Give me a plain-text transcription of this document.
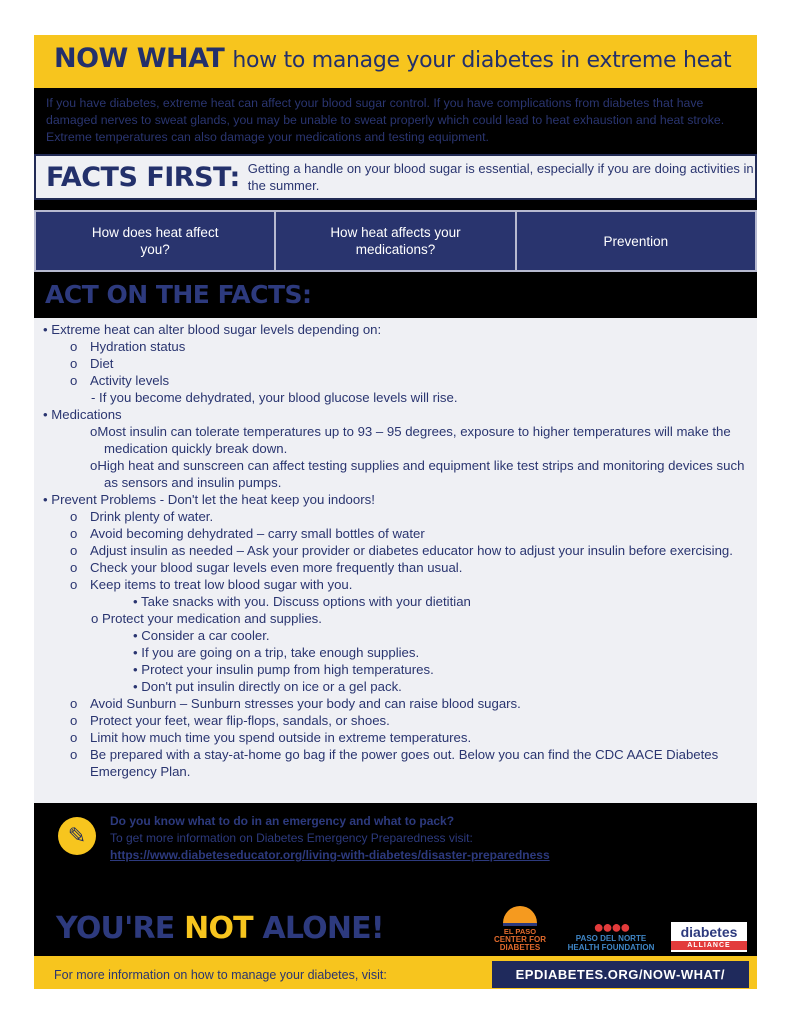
NOW WHAT how to manage your diabetes in extreme heat
If you have diabetes, extreme heat can affect your blood sugar control. If you have complications from diabetes that have damaged nerves to sweat glands, you may be unable to sweat properly which could lead to heat exhaustion and heat stroke. Extreme temperatures can also damage your medications and testing equipment.
FACTS FIRST: Getting a handle on your blood sugar is essential, especially if you are doing activities in the summer.
How does heat affect you?
How heat affects your medications?
Prevention
ACT ON THE FACTS:
• Extreme heat can alter blood sugar levels depending on:
o Hydration status
o Diet
o Activity levels
- If you become dehydrated, your blood glucose levels will rise.
• Medications
oMost insulin can tolerate temperatures up to 93 – 95 degrees, exposure to higher temperatures will make the medication quickly break down.
oHigh heat and sunscreen can affect testing supplies and equipment like test strips and monitoring devices such as sensors and insulin pumps.
• Prevent Problems - Don't let the heat keep you indoors!
o Drink plenty of water.
o Avoid becoming dehydrated – carry small bottles of water
o Adjust insulin as needed – Ask your provider or diabetes educator how to adjust your insulin before exercising.
o Check your blood sugar levels even more frequently than usual.
o Keep items to treat low blood sugar with you.
• Take snacks with you. Discuss options with your dietitian
o Protect your medication and supplies.
• Consider a car cooler.
• If you are going on a trip, take enough supplies.
• Protect your insulin pump from high temperatures.
• Don't put insulin directly on ice or a gel pack.
o Avoid Sunburn – Sunburn stresses your body and can raise blood sugars.
o Protect your feet, wear flip-flops, sandals, or shoes.
o Limit how much time you spend outside in extreme temperatures.
o Be prepared with a stay-at-home go bag if the power goes out. Below you can find the CDC AACE Diabetes Emergency Plan.
✎
Do you know what to do in an emergency and what to pack?
To get more information on Diabetes Emergency Preparedness visit:
https://www.diabeteseducator.org/living-with-diabetes/disaster-preparedness
YOU'RE NOT ALONE!	EL PASO
CENTER FOR
DIABETES
●●●●
PASO DEL NORTE
HEALTH FOUNDATION
diabetes
ALLIANCE
For more information on how to manage your diabetes, visit:	EPDIABETES.ORG/NOW-WHAT/
